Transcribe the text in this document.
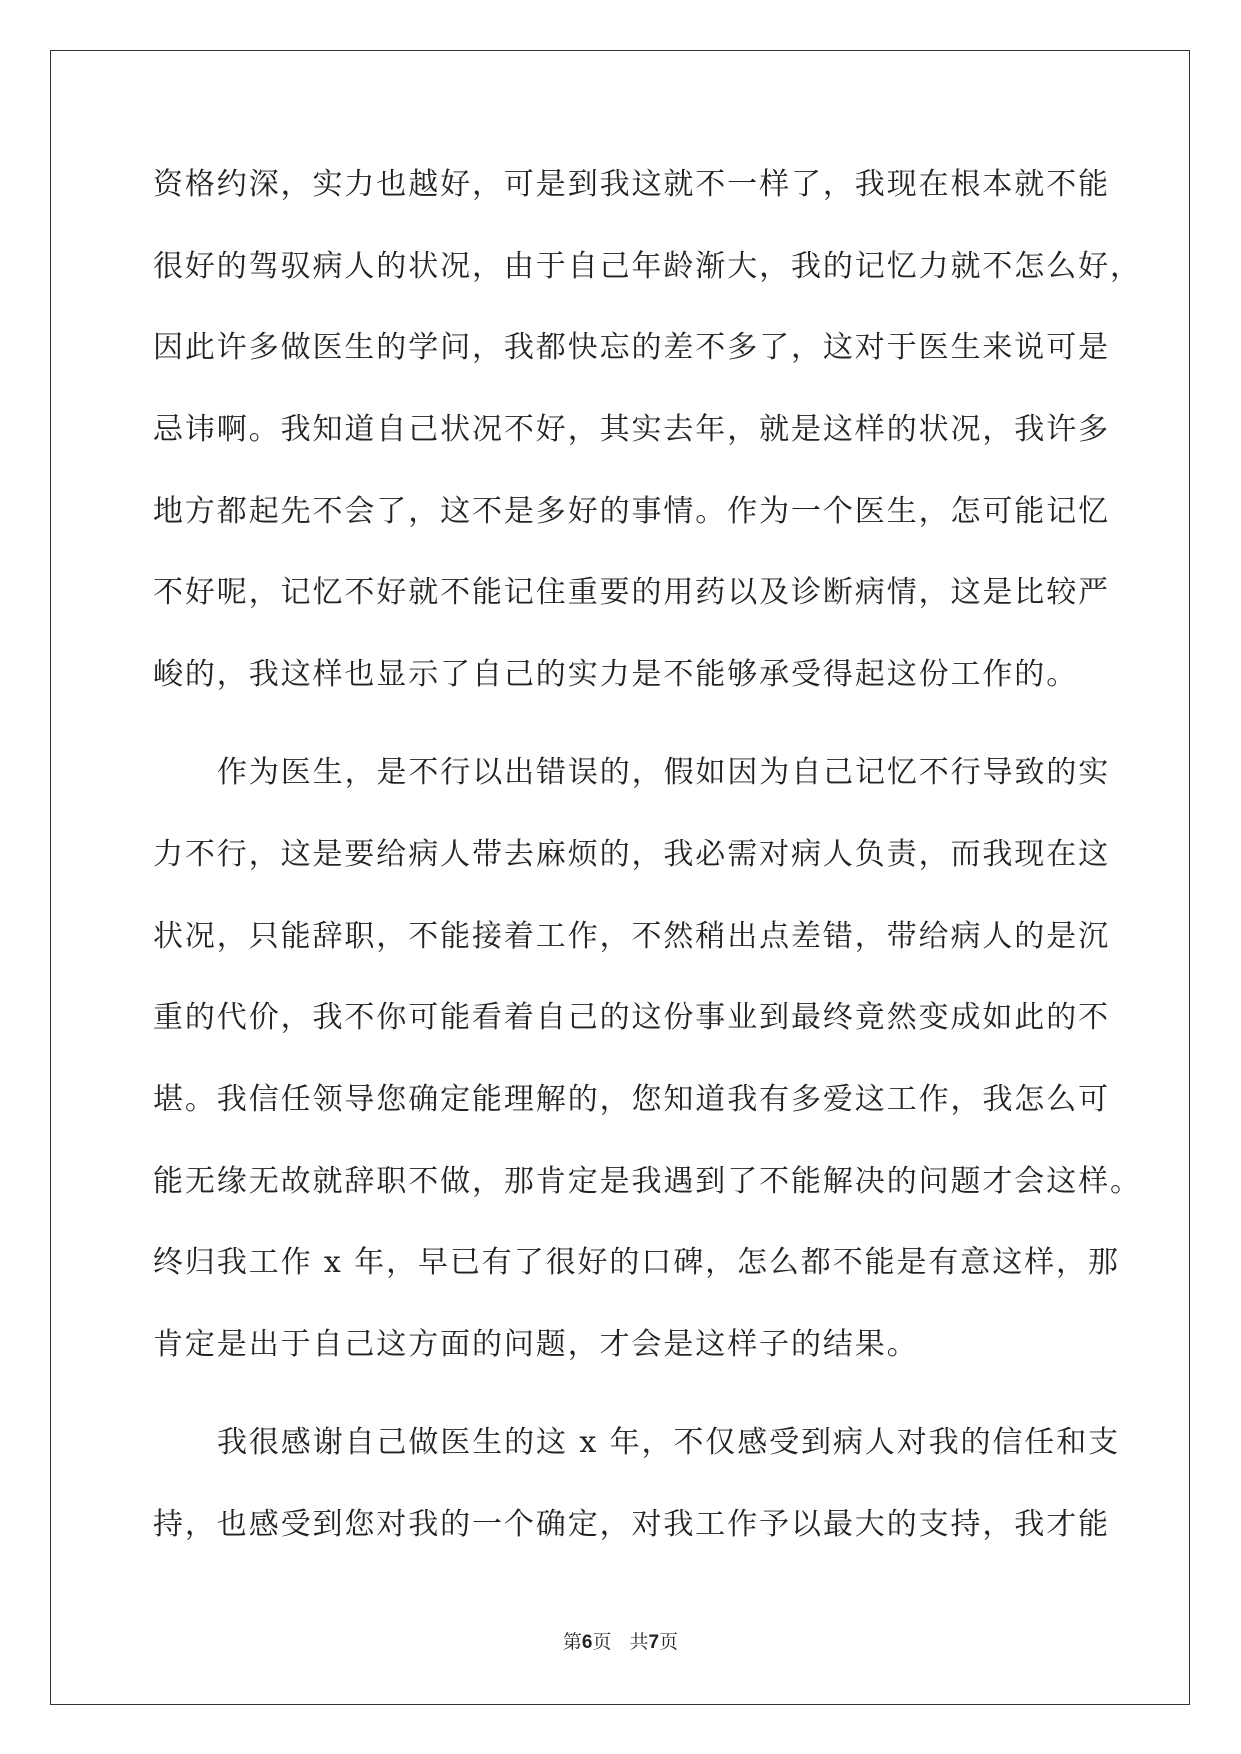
资格约深，实力也越好，可是到我这就不一样了，我现在根本就不能
很好的驾驭病人的状况，由于自己年龄渐大，我的记忆力就不怎么好，
因此许多做医生的学问，我都快忘的差不多了，这对于医生来说可是
忌讳啊。我知道自己状况不好，其实去年，就是这样的状况，我许多
地方都起先不会了，这不是多好的事情。作为一个医生，怎可能记忆
不好呢，记忆不好就不能记住重要的用药以及诊断病情，这是比较严
峻的，我这样也显示了自己的实力是不能够承受得起这份工作的。
作为医生，是不行以出错误的，假如因为自己记忆不行导致的实
力不行，这是要给病人带去麻烦的，我必需对病人负责，而我现在这
状况，只能辞职，不能接着工作，不然稍出点差错，带给病人的是沉
重的代价，我不你可能看着自己的这份事业到最终竟然变成如此的不
堪。我信任领导您确定能理解的，您知道我有多爱这工作，我怎么可
能无缘无故就辞职不做，那肯定是我遇到了不能解决的问题才会这样。
终归我工作 x 年，早已有了很好的口碑，怎么都不能是有意这样，那
肯定是出于自己这方面的问题，才会是这样子的结果。
我很感谢自己做医生的这 x 年，不仅感受到病人对我的信任和支
持，也感受到您对我的一个确定，对我工作予以最大的支持，我才能
第6页 共7页
